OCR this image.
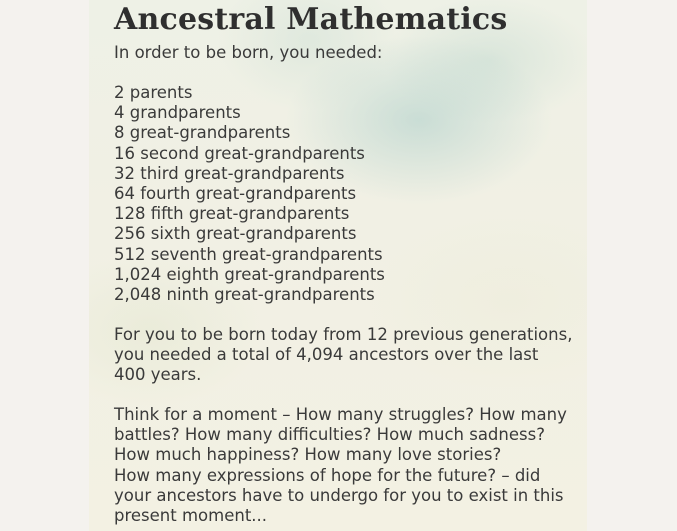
Ancestral Mathematics
In order to be born, you needed:
2 parents
4 grandparents
8 great-grandparents
16 second great-grandparents
32 third great-grandparents
64 fourth great-grandparents
128 fifth great-grandparents
256 sixth great-grandparents
512 seventh great-grandparents
1,024 eighth great-grandparents
2,048 ninth great-grandparents

For you to be born today from 12 previous generations, you needed a total of 4,094 ancestors over the last 400 years.

Think for a moment – How many struggles? How many battles? How many difficulties? How much sadness? How much happiness? How many love stories?
How many expressions of hope for the future? – did your ancestors have to undergo for you to exist in this present moment...
